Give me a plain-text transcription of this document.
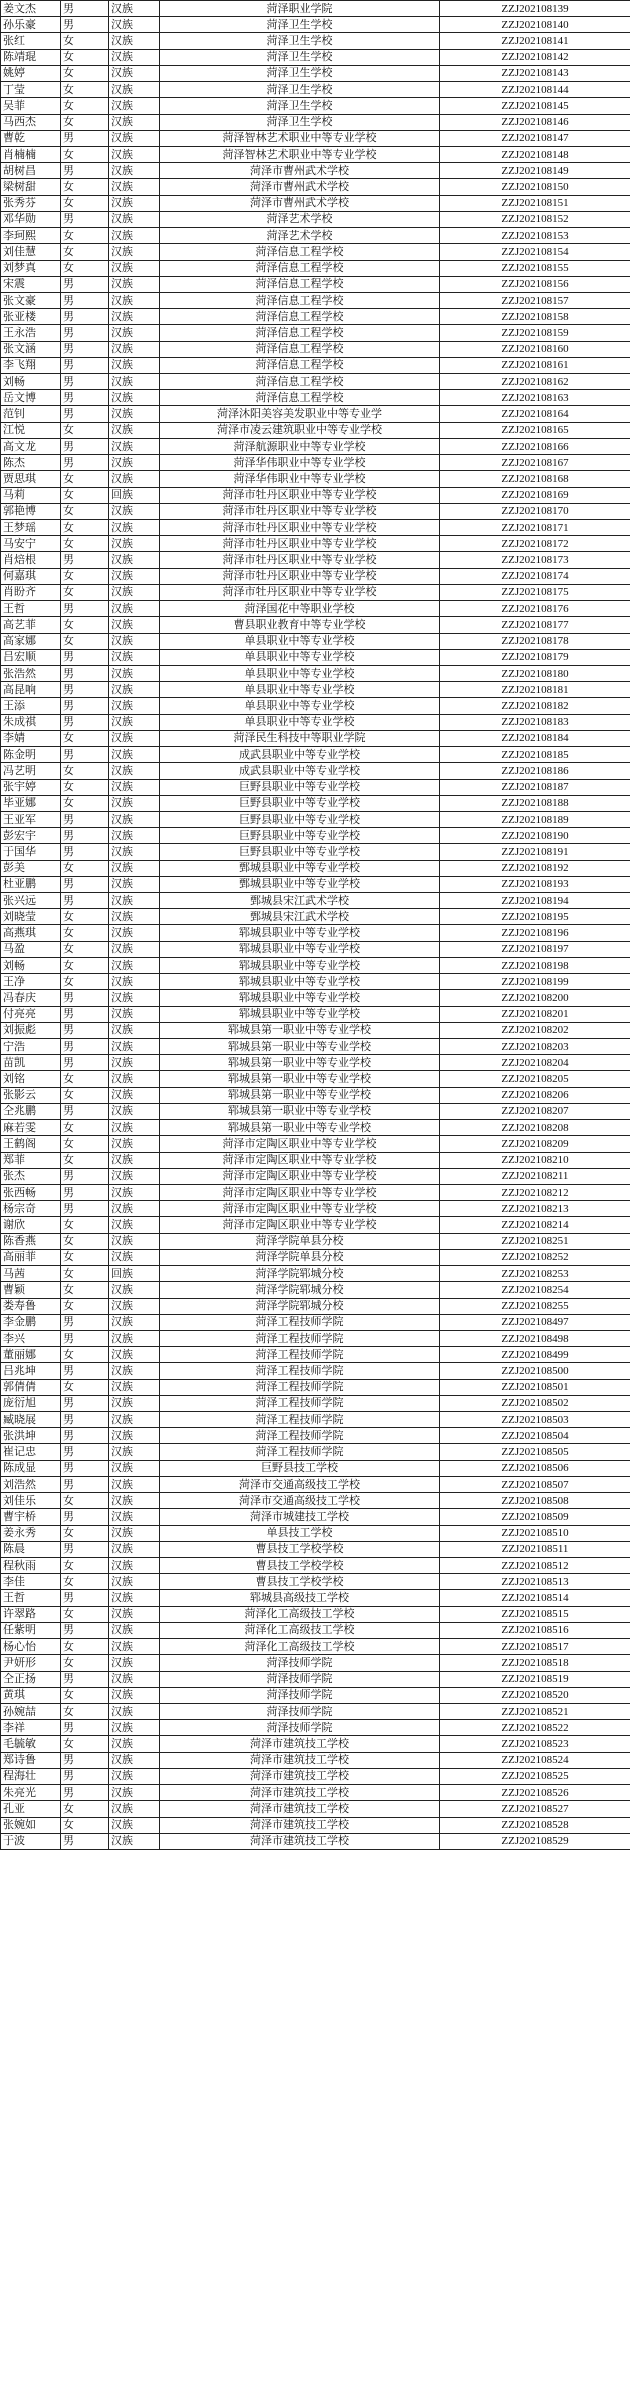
姜文杰	男	汉族	菏泽职业学院	ZZJ202108139
孙乐豪	男	汉族	菏泽卫生学校	ZZJ202108140
张红	女	汉族	菏泽卫生学校	ZZJ202108141
陈靖琨	女	汉族	菏泽卫生学校	ZZJ202108142
姚婷	女	汉族	菏泽卫生学校	ZZJ202108143
丁莹	女	汉族	菏泽卫生学校	ZZJ202108144
吴菲	女	汉族	菏泽卫生学校	ZZJ202108145
马西杰	女	汉族	菏泽卫生学校	ZZJ202108146
曹乾	男	汉族	菏泽智林艺术职业中等专业学校	ZZJ202108147
肖楠楠	女	汉族	菏泽智林艺术职业中等专业学校	ZZJ202108148
胡树昌	男	汉族	菏泽市曹州武术学校	ZZJ202108149
梁树甜	女	汉族	菏泽市曹州武术学校	ZZJ202108150
张秀芬	女	汉族	菏泽市曹州武术学校	ZZJ202108151
邓华勋	男	汉族	菏泽艺术学校	ZZJ202108152
李珂熙	女	汉族	菏泽艺术学校	ZZJ202108153
刘佳慧	女	汉族	菏泽信息工程学校	ZZJ202108154
刘梦真	女	汉族	菏泽信息工程学校	ZZJ202108155
宋震	男	汉族	菏泽信息工程学校	ZZJ202108156
张文豪	男	汉族	菏泽信息工程学校	ZZJ202108157
张亚楼	男	汉族	菏泽信息工程学校	ZZJ202108158
王永浩	男	汉族	菏泽信息工程学校	ZZJ202108159
张文涵	男	汉族	菏泽信息工程学校	ZZJ202108160
李飞翔	男	汉族	菏泽信息工程学校	ZZJ202108161
刘畅	男	汉族	菏泽信息工程学校	ZZJ202108162
岳文博	男	汉族	菏泽信息工程学校	ZZJ202108163
范钊	男	汉族	菏泽沐阳美容美发职业中等专业学	ZZJ202108164
江悦	女	汉族	菏泽市凌云建筑职业中等专业学校	ZZJ202108165
高文龙	男	汉族	菏泽航源职业中等专业学校	ZZJ202108166
陈杰	男	汉族	菏泽华伟职业中等专业学校	ZZJ202108167
贾思琪	女	汉族	菏泽华伟职业中等专业学校	ZZJ202108168
马莉	女	回族	菏泽市牡丹区职业中等专业学校	ZZJ202108169
郭艳博	女	汉族	菏泽市牡丹区职业中等专业学校	ZZJ202108170
王梦瑶	女	汉族	菏泽市牡丹区职业中等专业学校	ZZJ202108171
马安宁	女	汉族	菏泽市牡丹区职业中等专业学校	ZZJ202108172
肖焙根	男	汉族	菏泽市牡丹区职业中等专业学校	ZZJ202108173
何嘉琪	女	汉族	菏泽市牡丹区职业中等专业学校	ZZJ202108174
肖盼齐	女	汉族	菏泽市牡丹区职业中等专业学校	ZZJ202108175
王哲	男	汉族	菏泽国花中等职业学校	ZZJ202108176
高艺菲	女	汉族	曹县职业教育中等专业学校	ZZJ202108177
高家娜	女	汉族	单县职业中等专业学校	ZZJ202108178
吕宏顺	男	汉族	单县职业中等专业学校	ZZJ202108179
张浩然	男	汉族	单县职业中等专业学校	ZZJ202108180
高昆响	男	汉族	单县职业中等专业学校	ZZJ202108181
王添	男	汉族	单县职业中等专业学校	ZZJ202108182
朱成祺	男	汉族	单县职业中等专业学校	ZZJ202108183
李婧	女	汉族	菏泽民生科技中等职业学院	ZZJ202108184
陈金明	男	汉族	成武县职业中等专业学校	ZZJ202108185
冯艺明	女	汉族	成武县职业中等专业学校	ZZJ202108186
张宇婷	女	汉族	巨野县职业中等专业学校	ZZJ202108187
毕亚娜	女	汉族	巨野县职业中等专业学校	ZZJ202108188
王亚军	男	汉族	巨野县职业中等专业学校	ZZJ202108189
彭宏宇	男	汉族	巨野县职业中等专业学校	ZZJ202108190
于国华	男	汉族	巨野县职业中等专业学校	ZZJ202108191
彭美	女	汉族	鄄城县职业中等专业学校	ZZJ202108192
杜亚鹏	男	汉族	鄄城县职业中等专业学校	ZZJ202108193
张兴远	男	汉族	鄄城县宋江武术学校	ZZJ202108194
刘晓莹	女	汉族	鄄城县宋江武术学校	ZZJ202108195
高燕琪	女	汉族	郓城县职业中等专业学校	ZZJ202108196
马盈	女	汉族	郓城县职业中等专业学校	ZZJ202108197
刘畅	女	汉族	郓城县职业中等专业学校	ZZJ202108198
王净	女	汉族	郓城县职业中等专业学校	ZZJ202108199
冯春庆	男	汉族	郓城县职业中等专业学校	ZZJ202108200
付亮亮	男	汉族	郓城县职业中等专业学校	ZZJ202108201
刘振彪	男	汉族	郓城县第一职业中等专业学校	ZZJ202108202
宁浩	男	汉族	郓城县第一职业中等专业学校	ZZJ202108203
苗凯	男	汉族	郓城县第一职业中等专业学校	ZZJ202108204
刘铭	女	汉族	郓城县第一职业中等专业学校	ZZJ202108205
张影云	女	汉族	郓城县第一职业中等专业学校	ZZJ202108206
仝兆鹏	男	汉族	郓城县第一职业中等专业学校	ZZJ202108207
麻若雯	女	汉族	郓城县第一职业中等专业学校	ZZJ202108208
王鹤阁	女	汉族	菏泽市定陶区职业中等专业学校	ZZJ202108209
郑菲	女	汉族	菏泽市定陶区职业中等专业学校	ZZJ202108210
张杰	男	汉族	菏泽市定陶区职业中等专业学校	ZZJ202108211
张西畅	男	汉族	菏泽市定陶区职业中等专业学校	ZZJ202108212
杨宗奇	男	汉族	菏泽市定陶区职业中等专业学校	ZZJ202108213
谢欣	女	汉族	菏泽市定陶区职业中等专业学校	ZZJ202108214
陈香燕	女	汉族	菏泽学院单县分校	ZZJ202108251
高丽菲	女	汉族	菏泽学院单县分校	ZZJ202108252
马茜	女	回族	菏泽学院郓城分校	ZZJ202108253
曹颖	女	汉族	菏泽学院郓城分校	ZZJ202108254
娄寿鲁	女	汉族	菏泽学院郓城分校	ZZJ202108255
李金鹏	男	汉族	菏泽工程技师学院	ZZJ202108497
李兴	男	汉族	菏泽工程技师学院	ZZJ202108498
董丽娜	女	汉族	菏泽工程技师学院	ZZJ202108499
吕兆坤	男	汉族	菏泽工程技师学院	ZZJ202108500
郭倩倩	女	汉族	菏泽工程技师学院	ZZJ202108501
庞衍旭	男	汉族	菏泽工程技师学院	ZZJ202108502
臧晓展	男	汉族	菏泽工程技师学院	ZZJ202108503
张洪坤	男	汉族	菏泽工程技师学院	ZZJ202108504
崔记忠	男	汉族	菏泽工程技师学院	ZZJ202108505
陈成显	男	汉族	巨野县技工学校	ZZJ202108506
刘浩然	男	汉族	菏泽市交通高级技工学校	ZZJ202108507
刘佳乐	女	汉族	菏泽市交通高级技工学校	ZZJ202108508
曹宇桥	男	汉族	菏泽市城建技工学校	ZZJ202108509
姜永秀	女	汉族	单县技工学校	ZZJ202108510
陈晨	男	汉族	曹县技工学校学校	ZZJ202108511
程秋雨	女	汉族	曹县技工学校学校	ZZJ202108512
李佳	女	汉族	曹县技工学校学校	ZZJ202108513
王哲	男	汉族	郓城县高级技工学校	ZZJ202108514
许翠路	女	汉族	菏泽化工高级技工学校	ZZJ202108515
任紫明	男	汉族	菏泽化工高级技工学校	ZZJ202108516
杨心怡	女	汉族	菏泽化工高级技工学校	ZZJ202108517
尹妍形	女	汉族	菏泽技师学院	ZZJ202108518
仝正扬	男	汉族	菏泽技师学院	ZZJ202108519
黄琪	女	汉族	菏泽技师学院	ZZJ202108520
孙婉喆	女	汉族	菏泽技师学院	ZZJ202108521
李祥	男	汉族	菏泽技师学院	ZZJ202108522
毛毓敏	女	汉族	菏泽市建筑技工学校	ZZJ202108523
郑诗鲁	男	汉族	菏泽市建筑技工学校	ZZJ202108524
程海壮	男	汉族	菏泽市建筑技工学校	ZZJ202108525
朱亮光	男	汉族	菏泽市建筑技工学校	ZZJ202108526
孔亚	女	汉族	菏泽市建筑技工学校	ZZJ202108527
张婉如	女	汉族	菏泽市建筑技工学校	ZZJ202108528
于波	男	汉族	菏泽市建筑技工学校	ZZJ202108529
